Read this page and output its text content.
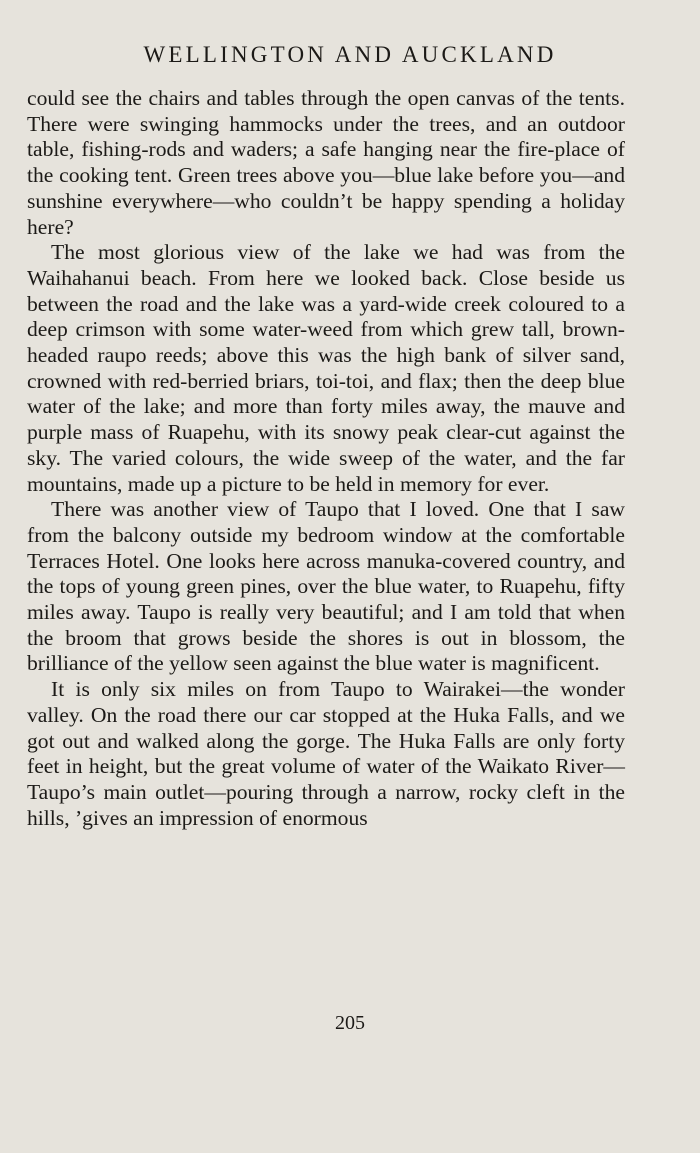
WELLINGTON AND AUCKLAND

could see the chairs and tables through the open canvas of the tents. There were swinging hammocks under the trees, and an outdoor table, fishing-rods and waders; a safe hanging near the fire-place of the cooking tent. Green trees above you—blue lake before you—and sunshine everywhere—who couldn’t be happy spending a holiday here?

The most glorious view of the lake we had was from the Waihahanui beach. From here we looked back. Close beside us between the road and the lake was a yard-wide creek coloured to a deep crimson with some water-weed from which grew tall, brown-headed raupo reeds; above this was the high bank of silver sand, crowned with red-berried briars, toi-toi, and flax; then the deep blue water of the lake; and more than forty miles away, the mauve and purple mass of Ruapehu, with its snowy peak clear-cut against the sky. The varied colours, the wide sweep of the water, and the far mountains, made up a picture to be held in memory for ever.

There was another view of Taupo that I loved. One that I saw from the balcony outside my bedroom window at the comfortable Terraces Hotel. One looks here across manuka-covered country, and the tops of young green pines, over the blue water, to Ruapehu, fifty miles away. Taupo is really very beautiful; and I am told that when the broom that grows beside the shores is out in blossom, the brilliance of the yellow seen against the blue water is magnificent.

It is only six miles on from Taupo to Wairakei—the wonder valley. On the road there our car stopped at the Huka Falls, and we got out and walked along the gorge. The Huka Falls are only forty feet in height, but the great volume of water of the Waikato River—Taupo’s main outlet—pouring through a narrow, rocky cleft in the hills, ’gives an impression of enormous

205
